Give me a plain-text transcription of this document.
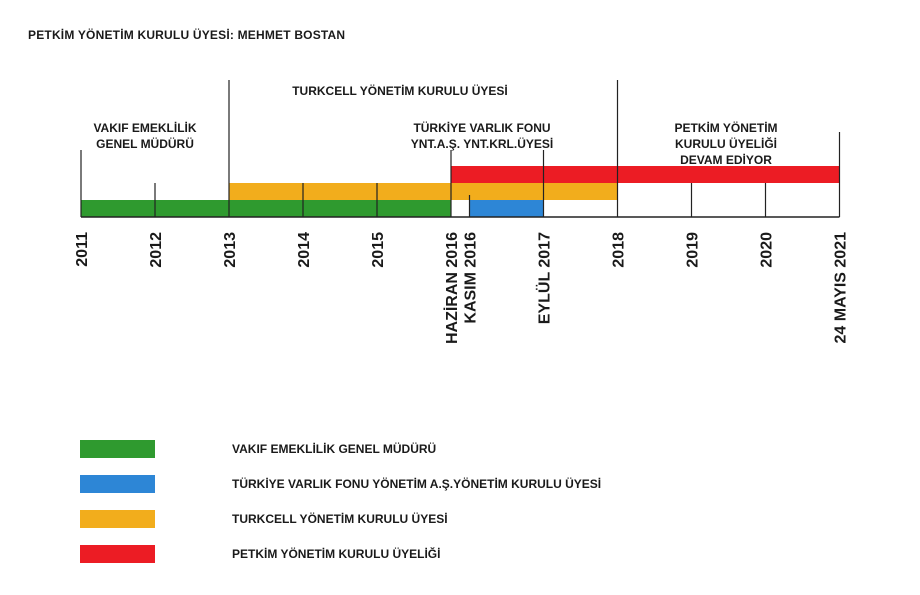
PETKİM YÖNETİM KURULU ÜYESİ: MEHMET BOSTAN
2011	2012	2013	2014	2015	HAZİRAN 2016 KASIM 2016	EYLÜL 2017	2018	2019	2020	24 MAYIS 2021
TURKCELL YÖNETİM KURULU ÜYESİ
VAKIF EMEKLİLİK
GENEL MÜDÜRÜ
TÜRKİYE VARLIK FONU
YNT.A.Ş. YNT.KRL.ÜYESİ
PETKİM YÖNETİM
KURULU ÜYELİĞİ
DEVAM EDİYOR
VAKIF EMEKLİLİK GENEL MÜDÜRÜ
TÜRKİYE VARLIK FONU YÖNETİM A.Ş.YÖNETİM KURULU ÜYESİ
TURKCELL YÖNETİM KURULU ÜYESİ
PETKİM YÖNETİM KURULU ÜYELİĞİ
